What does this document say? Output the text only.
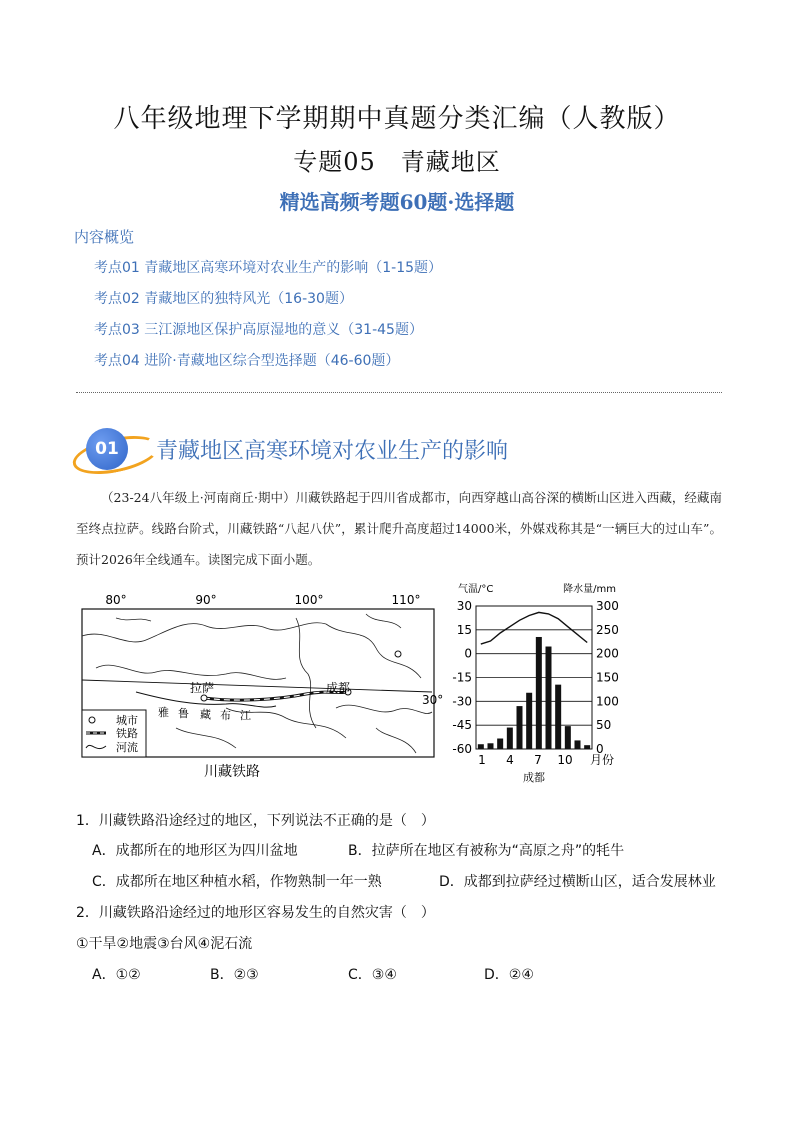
八年级地理下学期期中真题分类汇编（人教版）
专题05　青藏地区
精选高频考题60题·选择题
内容概览
考点01 青藏地区高寒环境对农业生产的影响（1-15题）
考点02 青藏地区的独特风光（16-30题）
考点03 三江源地区保护高原湿地的意义（31-45题）
考点04 进阶·青藏地区综合型选择题（46-60题）
01	青藏地区高寒环境对农业生产的影响

（23-24八年级上·河南商丘·期中）川藏铁路起于四川省成都市，向西穿越山高谷深的横断山区进入西藏，经藏南至终点拉萨。线路台阶式，川藏铁路“八起八伏”，累计爬升高度超过14000米，外媒戏称其是“一辆巨大的过山车”。预计2026年全线通车。读图完成下面小题。

80°	90°	100°	110°
30°
拉萨	成都
雅 鲁 藏 布 江
城市
铁路
河流
川藏铁路
气温/°C	降水量/mm
30	300
15	250
0	200
-15	150
-30	100
-45	50
-60	0
1 4 7 10 月份
成都
1．川藏铁路沿途经过的地区，下列说法不正确的是（　）
A．成都所在的地形区为四川盆地	B．拉萨所在地区有被称为“高原之舟”的牦牛
C．成都所在地区种植水稻，作物熟制一年一熟	D．成都到拉萨经过横断山区，适合发展林业
2．川藏铁路沿途经过的地形区容易发生的自然灾害（　）
①干旱②地震③台风④泥石流
A．①②	B．②③	C．③④	D．②④
